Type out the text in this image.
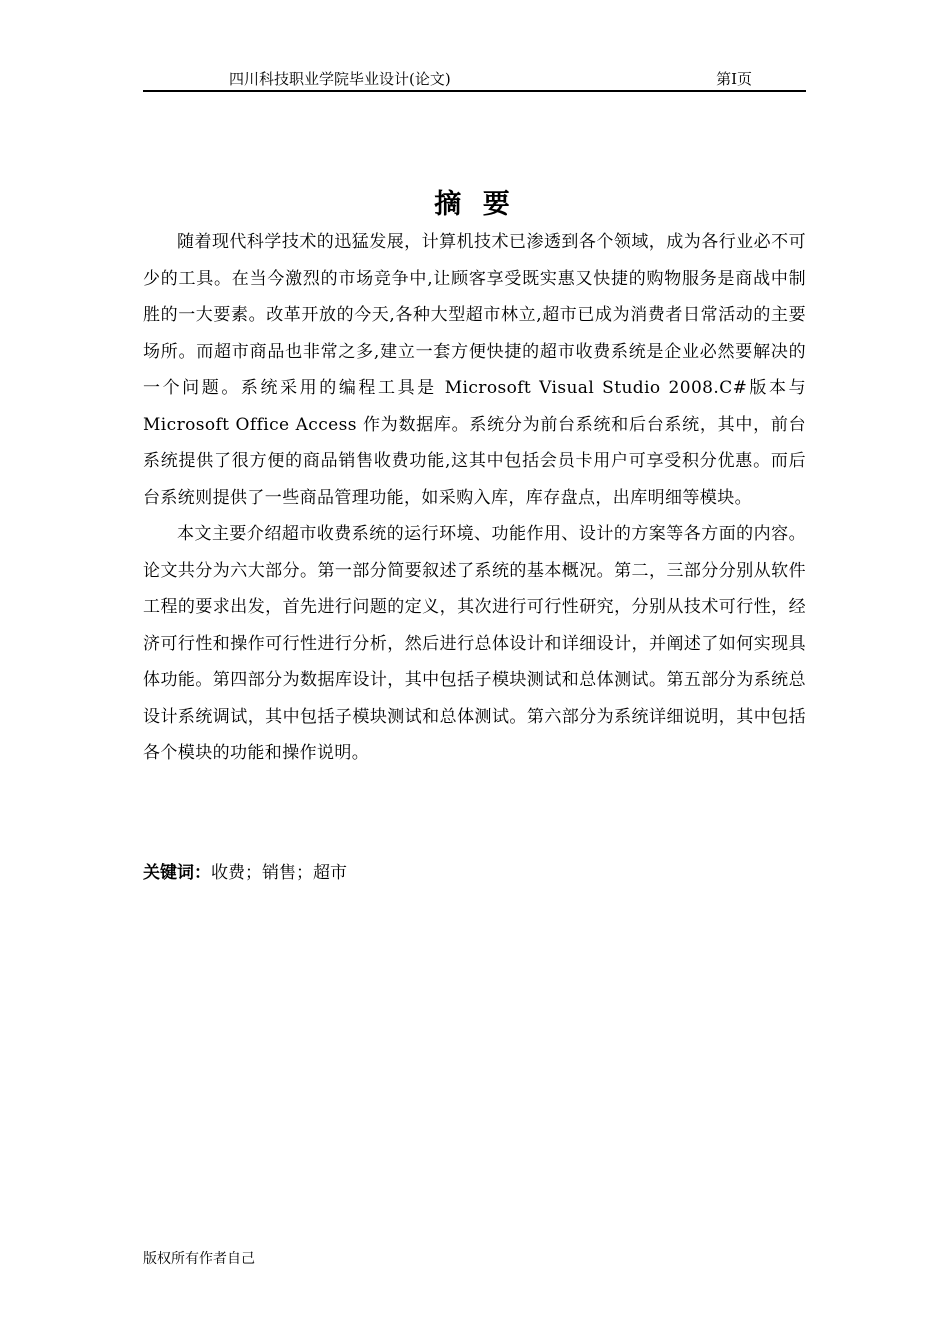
四川科技职业学院毕业设计(论文)	第I页
摘 要

随着现代科学技术的迅猛发展，计算机技术已渗透到各个领域，成为各行业必不可少的工具。在当今激烈的市场竞争中,让顾客享受既实惠又快捷的购物服务是商战中制胜的一大要素。改革开放的今天,各种大型超市林立,超市已成为消费者日常活动的主要场所。而超市商品也非常之多,建立一套方便快捷的超市收费系统是企业必然要解决的一个问题。系统采用的编程工具是 Microsoft Visual Studio 2008.C#版本与 Microsoft Office Access 作为数据库。系统分为前台系统和后台系统，其中，前台系统提供了很方便的商品销售收费功能,这其中包括会员卡用户可享受积分优惠。而后台系统则提供了一些商品管理功能，如采购入库，库存盘点，出库明细等模块。

本文主要介绍超市收费系统的运行环境、功能作用、设计的方案等各方面的内容。论文共分为六大部分。第一部分简要叙述了系统的基本概况。第二，三部分分别从软件工程的要求出发，首先进行问题的定义，其次进行可行性研究，分别从技术可行性，经济可行性和操作可行性进行分析，然后进行总体设计和详细设计，并阐述了如何实现具体功能。第四部分为数据库设计，其中包括子模块测试和总体测试。第五部分为系统总设计系统调试，其中包括子模块测试和总体测试。第六部分为系统详细说明，其中包括各个模块的功能和操作说明。

关键词：收费；销售；超市
版权所有作者自己
